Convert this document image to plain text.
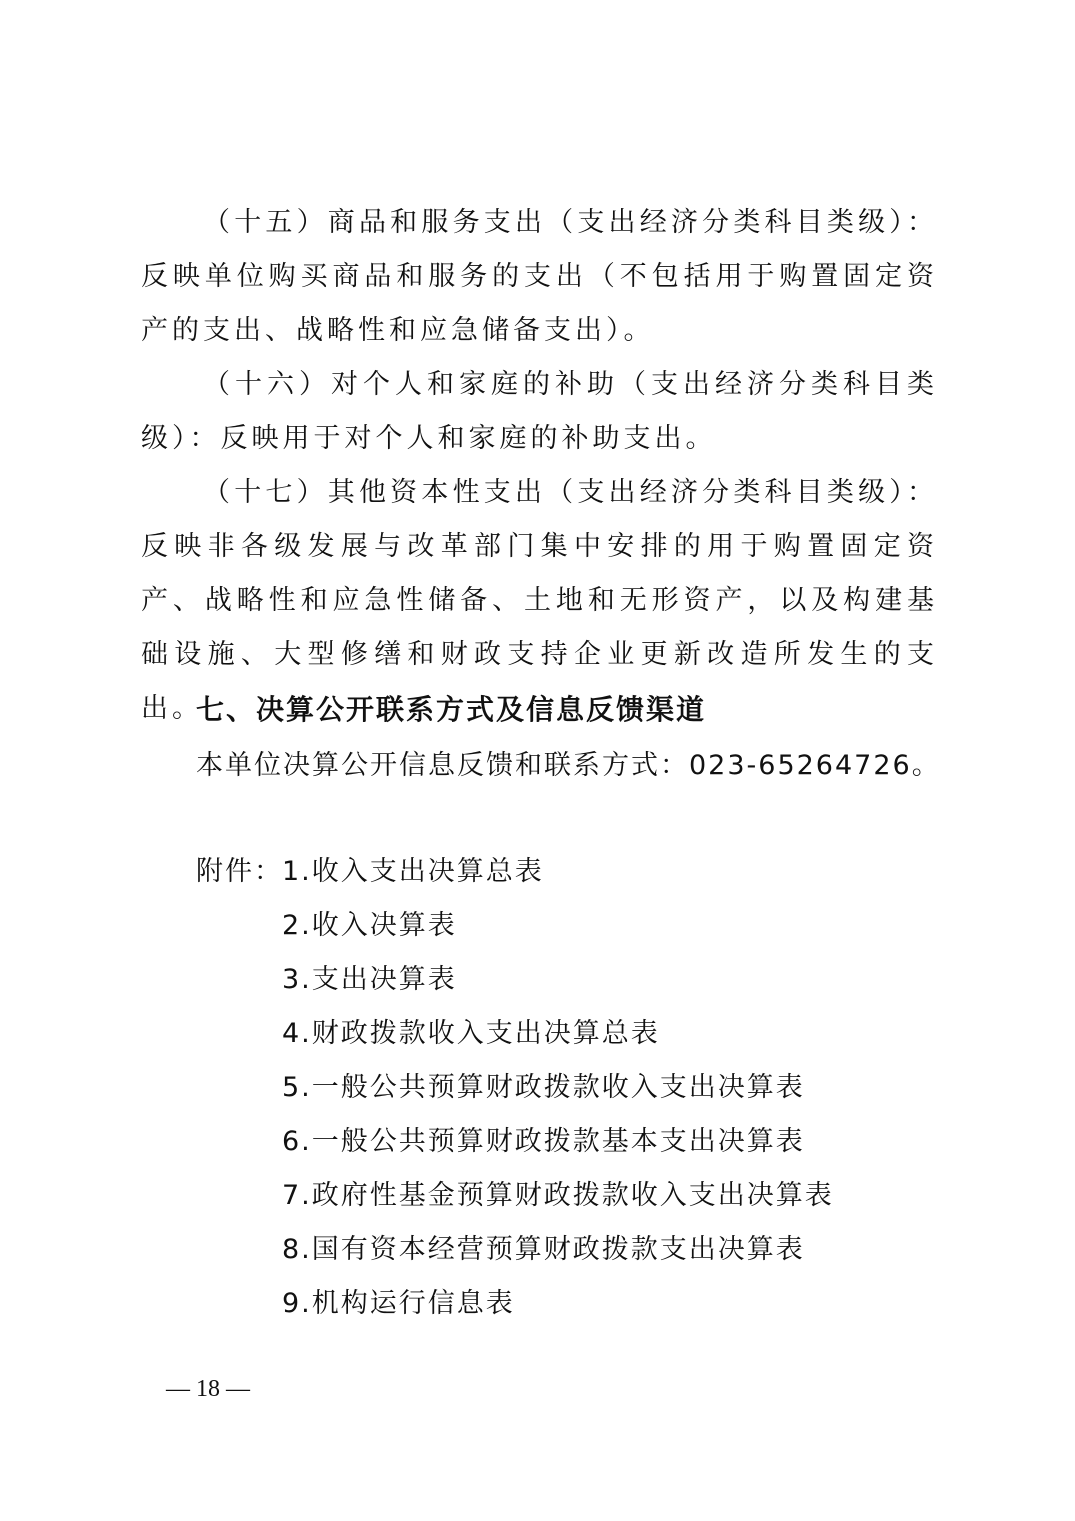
（十五）商品和服务支出（支出经济分类科目类级）：反映单位购买商品和服务的支出（不包括用于购置固定资产的支出、战略性和应急储备支出）。

（十六）对个人和家庭的补助（支出经济分类科目类级）：反映用于对个人和家庭的补助支出。

（十七）其他资本性支出（支出经济分类科目类级）：反映非各级发展与改革部门集中安排的用于购置固定资产、战略性和应急性储备、土地和无形资产，以及构建基础设施、大型修缮和财政支持企业更新改造所发生的支出。

七、决算公开联系方式及信息反馈渠道

本单位决算公开信息反馈和联系方式：023-65264726。

附件： 1.收入支出决算总表
2.收入决算表
3.支出决算表
4.财政拨款收入支出决算总表
5.一般公共预算财政拨款收入支出决算表
6.一般公共预算财政拨款基本支出决算表
7.政府性基金预算财政拨款收入支出决算表
8.国有资本经营预算财政拨款支出决算表
9.机构运行信息表
— 18 —
